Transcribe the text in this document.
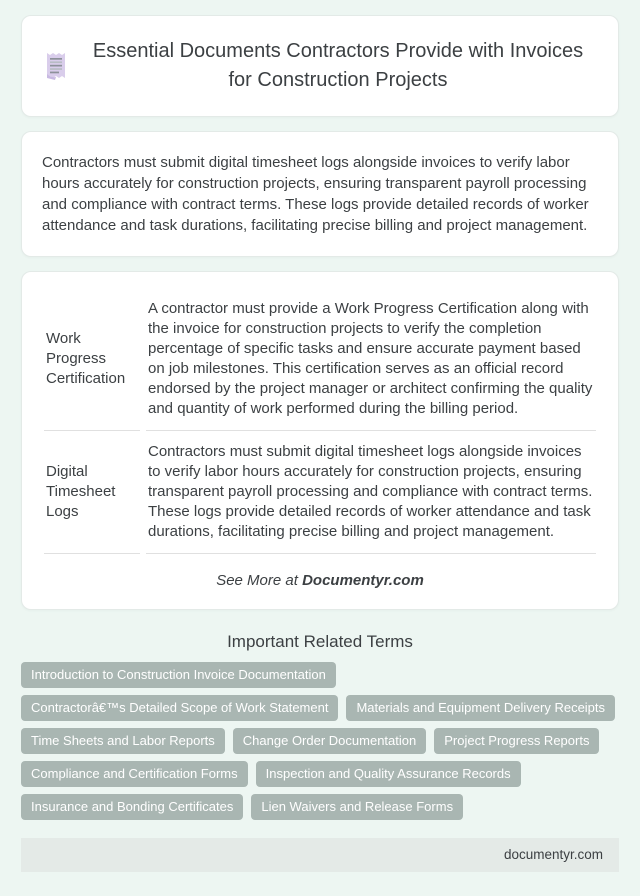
Essential Documents Contractors Provide with Invoices for Construction Projects

Contractors must submit digital timesheet logs alongside invoices to verify labor hours accurately for construction projects, ensuring transparent payroll processing and compliance with contract terms. These logs provide detailed records of worker attendance and task durations, facilitating precise billing and project management.

Work Progress Certification	A contractor must provide a Work Progress Certification along with the invoice for construction projects to verify the completion percentage of specific tasks and ensure accurate payment based on job milestones. This certification serves as an official record endorsed by the project manager or architect confirming the quality and quantity of work performed during the billing period.
Digital Timesheet Logs	Contractors must submit digital timesheet logs alongside invoices to verify labor hours accurately for construction projects, ensuring transparent payroll processing and compliance with contract terms. These logs provide detailed records of worker attendance and task durations, facilitating precise billing and project management.

See More at Documentyr.com

Important Related Terms
Introduction to Construction Invoice Documentation
Contractorâ€™s Detailed Scope of Work Statement	Materials and Equipment Delivery Receipts
Time Sheets and Labor Reports	Change Order Documentation	Project Progress Reports
Compliance and Certification Forms	Inspection and Quality Assurance Records
Insurance and Bonding Certificates	Lien Waivers and Release Forms
documentyr.com
